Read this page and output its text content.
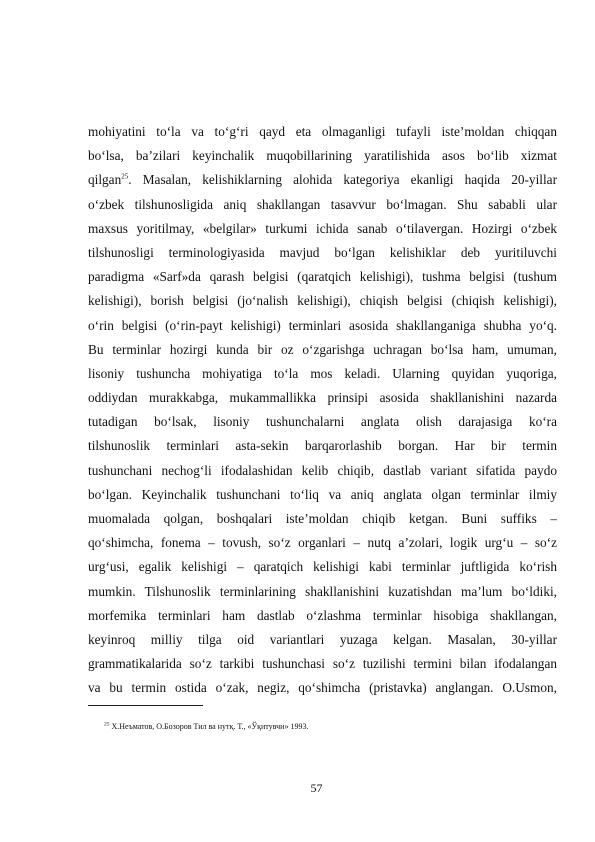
mohiyatini to‘la va to‘g‘ri qayd eta olmaganligi tufayli iste’moldan chiqqan
bo‘lsa, ba’zilari keyinchalik muqobillarining yaratilishida asos bo‘lib xizmat
qilgan$^{25}$. Masalan, kelishiklarning alohida kategoriya ekanligi haqida 20-yillar
o‘zbek tilshunosligida aniq shakllangan tasavvur bo‘lmagan. Shu sababli ular
maxsus yoritilmay, «belgilar» turkumi ichida sanab o‘tilavergan. Hozirgi o‘zbek
tilshunosligi terminologiyasida mavjud bo‘lgan kelishiklar deb yuritiluvchi
paradigma «Sarf»da qarash belgisi (qaratqich kelishigi), tushma belgisi (tushum
kelishigi), borish belgisi (jo‘nalish kelishigi), chiqish belgisi (chiqish kelishigi),
o‘rin belgisi (o‘rin-payt kelishigi) terminlari asosida shakllanganiga shubha yo‘q.
Bu terminlar hozirgi kunda bir oz o‘zgarishga uchragan bo‘lsa ham, umuman,
lisoniy tushuncha mohiyatiga to‘la mos keladi. Ularning quyidan yuqoriga,
oddiydan murakkabga, mukammallikka prinsipi asosida shakllanishini nazarda
tutadigan bo‘lsak, lisoniy tushunchalarni anglata olish darajasiga ko‘ra
tilshunoslik terminlari asta-sekin barqarorlashib borgan. Har bir termin
tushunchani nechog‘li ifodalashidan kelib chiqib, dastlab variant sifatida paydo
bo‘lgan. Keyinchalik tushunchani to‘liq va aniq anglata olgan terminlar ilmiy
muomalada qolgan, boshqalari iste’moldan chiqib ketgan. Buni suffiks –
qo‘shimcha, fonema – tovush, so‘z organlari – nutq a’zolari, logik urg‘u – so‘z
urg‘usi, egalik kelishigi – qaratqich kelishigi kabi terminlar juftligida ko‘rish
mumkin. Tilshunoslik terminlarining shakllanishini kuzatishdan ma’lum bo‘ldiki,
morfemika terminlari ham dastlab o‘zlashma terminlar hisobiga shakllangan,
keyinroq milliy tilga oid variantlari yuzaga kelgan. Masalan, 30-yillar
grammatikalarida so‘z tarkibi tushunchasi so‘z tuzilishi termini bilan ifodalangan
va bu termin ostida o‘zak, negiz, qo‘shimcha (pristavka) anglangan. O.Usmon,

$^{25}$ Х.Неъматов, О.Бозоров Тил ва нутқ. Т., «Ўқитувчи» 1993.

57
